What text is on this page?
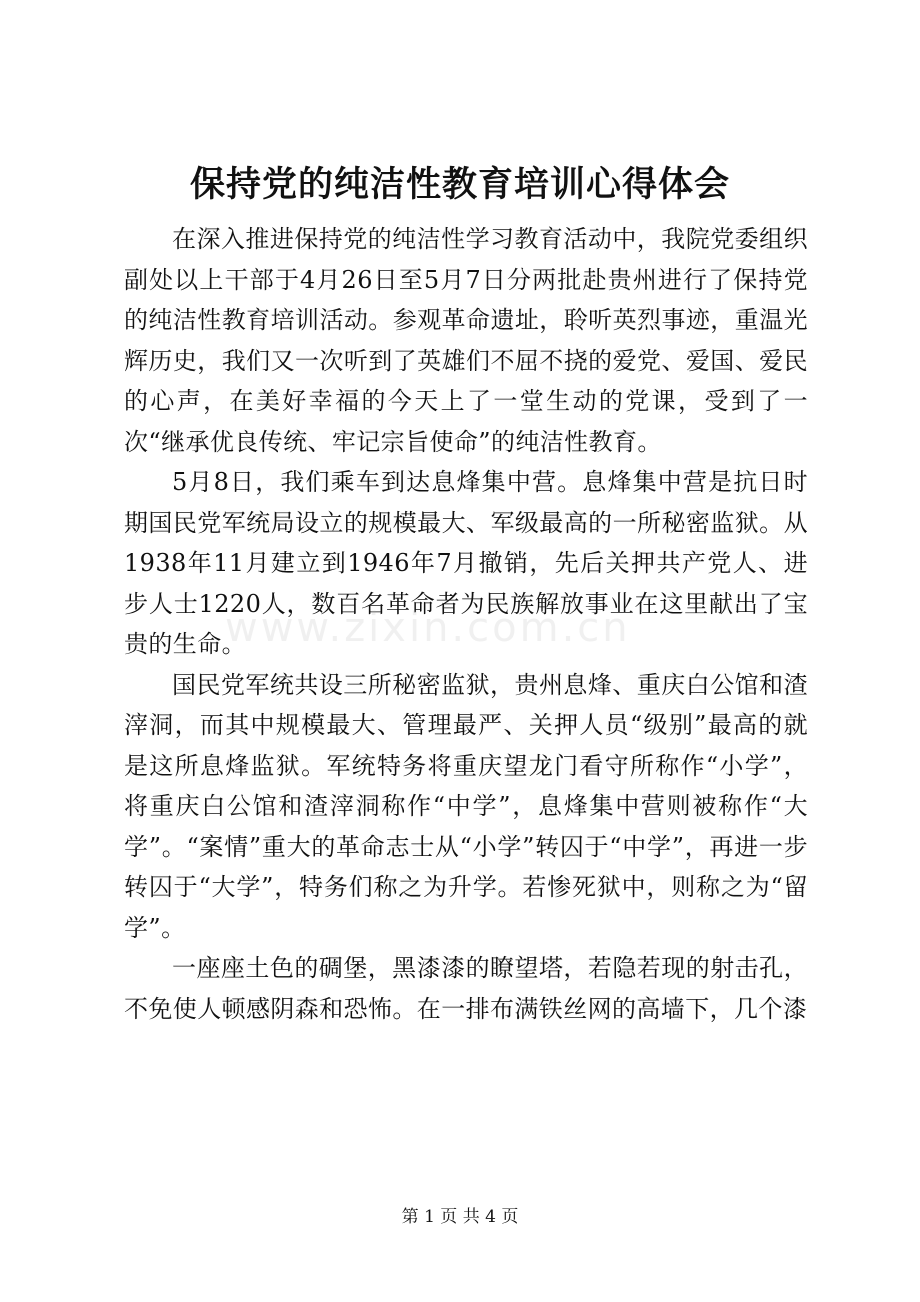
保持党的纯洁性教育培训心得体会

在深入推进保持党的纯洁性学习教育活动中，我院党委组织副处以上干部于4月26日至5月7日分两批赴贵州进行了保持党的纯洁性教育培训活动。参观革命遗址，聆听英烈事迹，重温光辉历史，我们又一次听到了英雄们不屈不挠的爱党、爱国、爱民的心声，在美好幸福的今天上了一堂生动的党课，受到了一次“继承优良传统、牢记宗旨使命”的纯洁性教育。

5月8日，我们乘车到达息烽集中营。息烽集中营是抗日时期国民党军统局设立的规模最大、军级最高的一所秘密监狱。从1938年11月建立到1946年7月撤销，先后关押共产党人、进步人士1220人，数百名革命者为民族解放事业在这里献出了宝贵的生命。

国民党军统共设三所秘密监狱，贵州息烽、重庆白公馆和渣滓洞，而其中规模最大、管理最严、关押人员“级别”最高的就是这所息烽监狱。军统特务将重庆望龙门看守所称作“小学”，将重庆白公馆和渣滓洞称作“中学”，息烽集中营则被称作“大学”。“案情”重大的革命志士从“小学”转囚于“中学”，再进一步转囚于“大学”，特务们称之为升学。若惨死狱中，则称之为“留学”。

一座座土色的碉堡，黑漆漆的瞭望塔，若隐若现的射击孔，不免使人顿感阴森和恐怖。在一排布满铁丝网的高墙下，几个漆

www.zixin.com.cn
第 1 页 共 4 页
